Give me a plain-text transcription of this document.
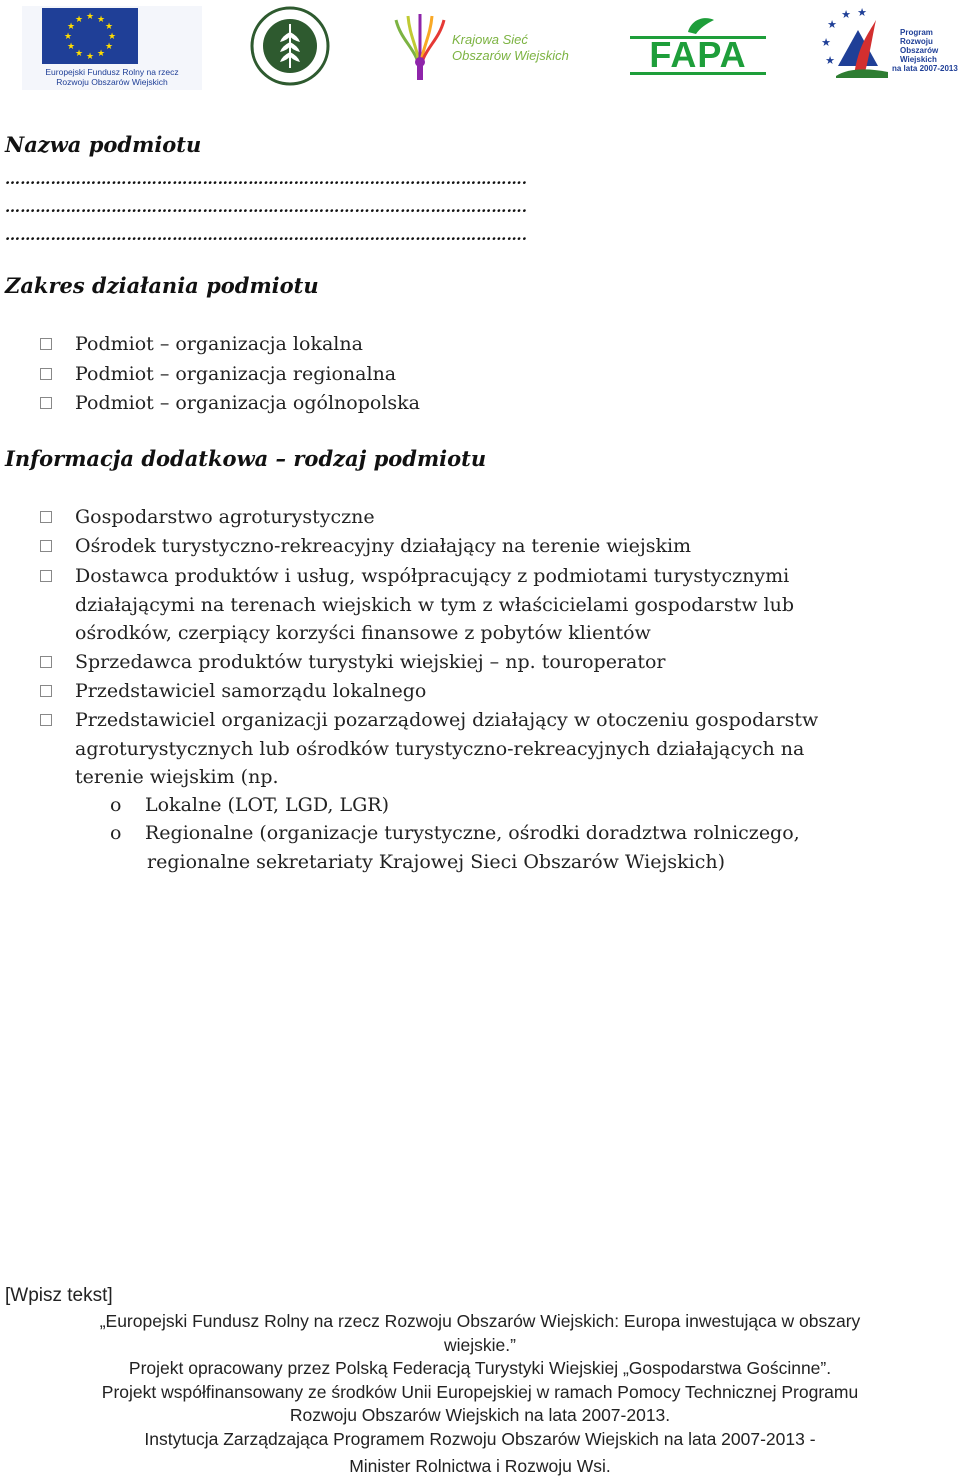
★ ★
★
★
★
★
★
★
★
★
★
★
Europejski Fundusz Rolny na rzecz
Rozwoju Obszarów Wiejskich
Krajowa Sieć
Obszarów Wiejskich	FAPA
★
★ ★
★
★
Program
Rozwoju
Obszarów
Wiejskich
na lata 2007-2013
Nazwa podmiotu
………………………………………………………………………………………….
………………………………………………………………………………………….
………………………………………………………………………………………….
Zakres działania podmiotu
Podmiot – organizacja lokalna
Podmiot – organizacja regionalna
Podmiot – organizacja ogólnopolska
Informacja dodatkowa – rodzaj podmiotu
Gospodarstwo agroturystyczne
Ośrodek turystyczno-rekreacyjny działający na terenie wiejskim
Dostawca produktów i usług, współpracujący z podmiotami turystycznymi
działającymi na terenach wiejskich w tym z właścicielami gospodarstw lub
ośrodków, czerpiący korzyści finansowe z pobytów klientów
Sprzedawca produktów turystyki wiejskiej – np. touroperator
Przedstawiciel samorządu lokalnego
Przedstawiciel organizacji pozarządowej działający w otoczeniu gospodarstw
agroturystycznych lub ośrodków turystyczno-rekreacyjnych działających na
terenie wiejskim (np.
o Lokalne (LOT, LGD, LGR)
o Regionalne (organizacje turystyczne, ośrodki doradztwa rolniczego,
regionalne sekretariaty Krajowej Sieci Obszarów Wiejskich)
[Wpisz tekst]
„Europejski Fundusz Rolny na rzecz Rozwoju Obszarów Wiejskich: Europa inwestująca w obszary
wiejskie.”
Projekt opracowany przez Polską Federacją Turystyki Wiejskiej „Gospodarstwa Gościnne”.
Projekt współfinansowany ze środków Unii Europejskiej w ramach Pomocy Technicznej Programu
Rozwoju Obszarów Wiejskich na lata 2007-2013.
Instytucja Zarządzająca Programem Rozwoju Obszarów Wiejskich na lata 2007-2013 -
Minister Rolnictwa i Rozwoju Wsi.
